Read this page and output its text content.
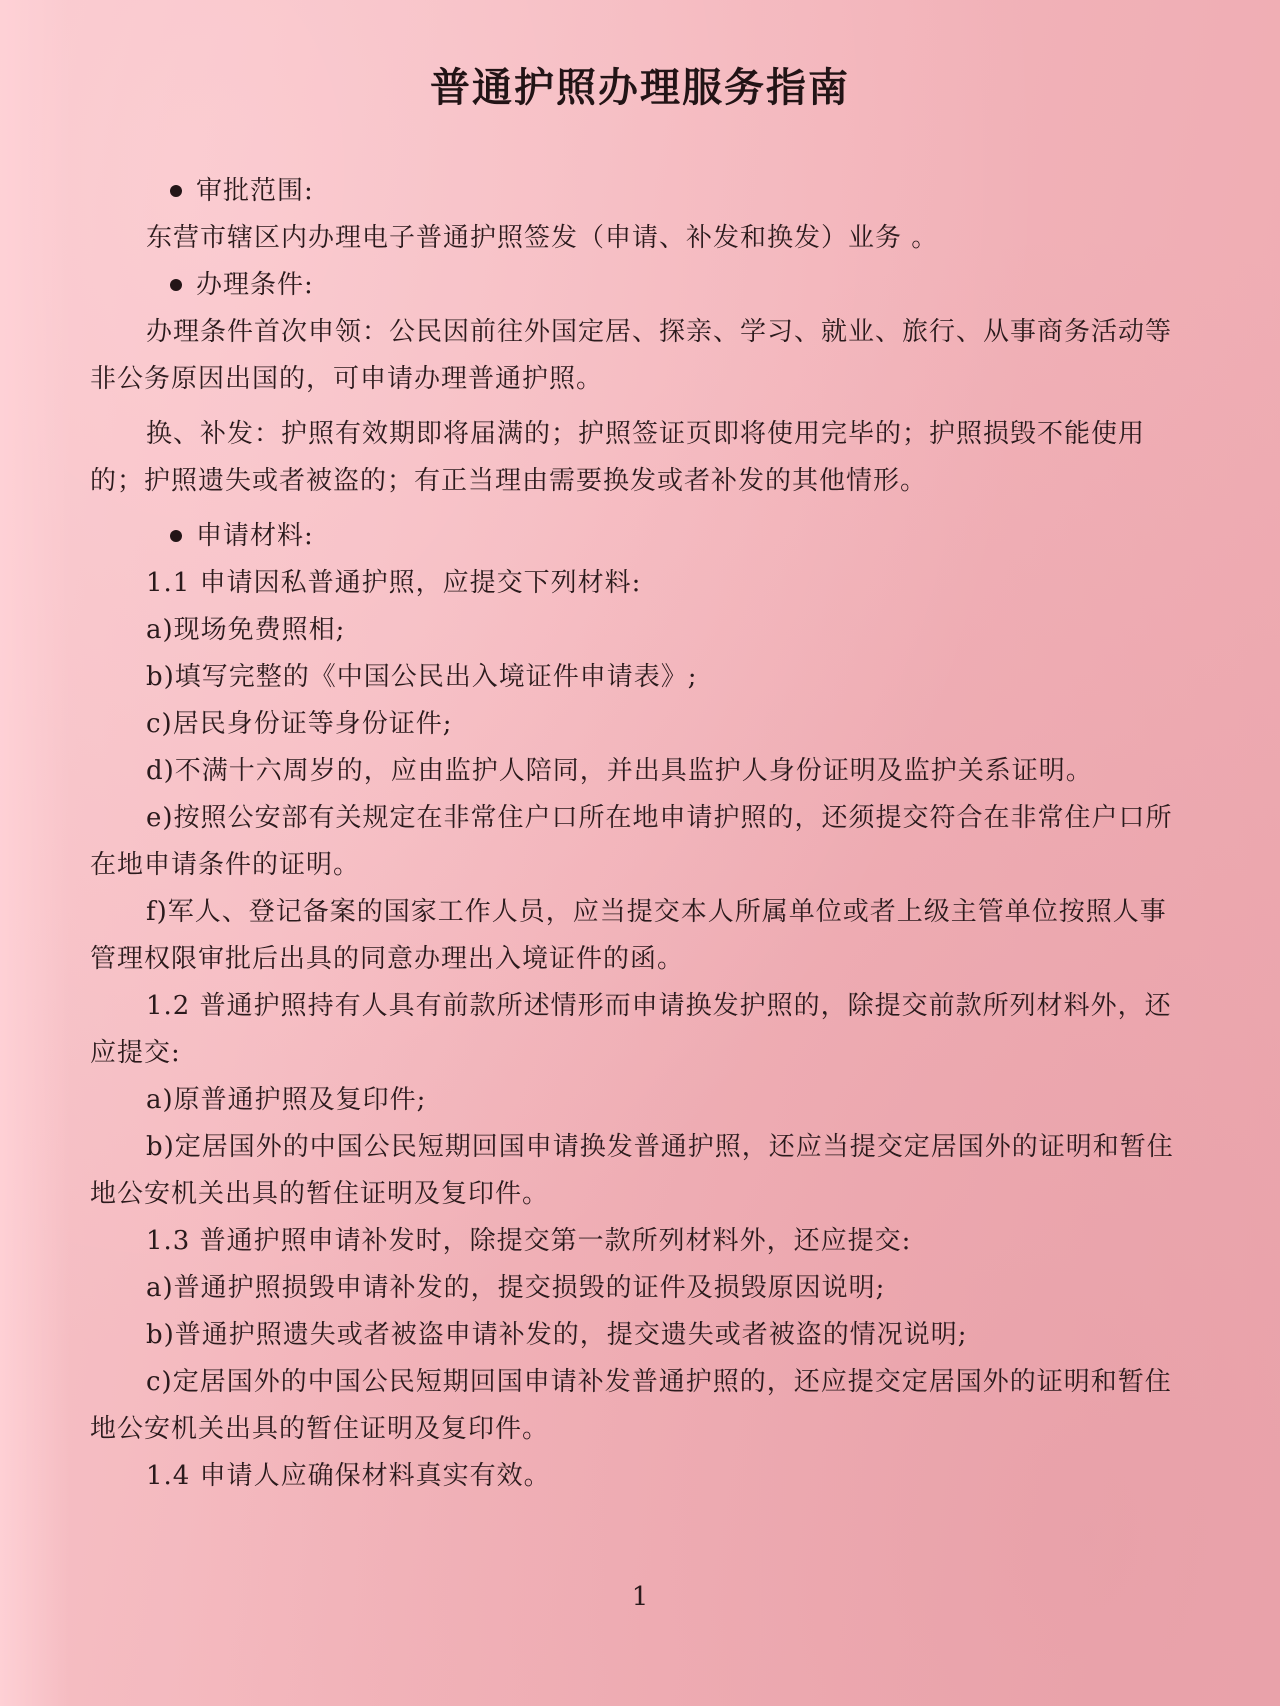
普通护照办理服务指南
审批范围:

东营市辖区内办理电子普通护照签发（申请、补发和换发）业务 。

办理条件:

办理条件首次申领：公民因前往外国定居、探亲、学习、就业、旅行、从事商务活动等非公务原因出国的，可申请办理普通护照。

换、补发：护照有效期即将届满的；护照签证页即将使用完毕的；护照损毁不能使用的；护照遗失或者被盗的；有正当理由需要换发或者补发的其他情形。

申请材料:

1.1 申请因私普通护照，应提交下列材料:

a)现场免费照相;

b)填写完整的《中国公民出入境证件申请表》;

c)居民身份证等身份证件;

d)不满十六周岁的，应由监护人陪同，并出具监护人身份证明及监护关系证明。

e)按照公安部有关规定在非常住户口所在地申请护照的，还须提交符合在非常住户口所在地申请条件的证明。

f)军人、登记备案的国家工作人员，应当提交本人所属单位或者上级主管单位按照人事管理权限审批后出具的同意办理出入境证件的函。

1.2 普通护照持有人具有前款所述情形而申请换发护照的，除提交前款所列材料外，还应提交:

a)原普通护照及复印件;

b)定居国外的中国公民短期回国申请换发普通护照，还应当提交定居国外的证明和暂住地公安机关出具的暂住证明及复印件。

1.3 普通护照申请补发时，除提交第一款所列材料外，还应提交:

a)普通护照损毁申请补发的，提交损毁的证件及损毁原因说明;

b)普通护照遗失或者被盗申请补发的，提交遗失或者被盗的情况说明;

c)定居国外的中国公民短期回国申请补发普通护照的，还应提交定居国外的证明和暂住地公安机关出具的暂住证明及复印件。

1.4 申请人应确保材料真实有效。

1
